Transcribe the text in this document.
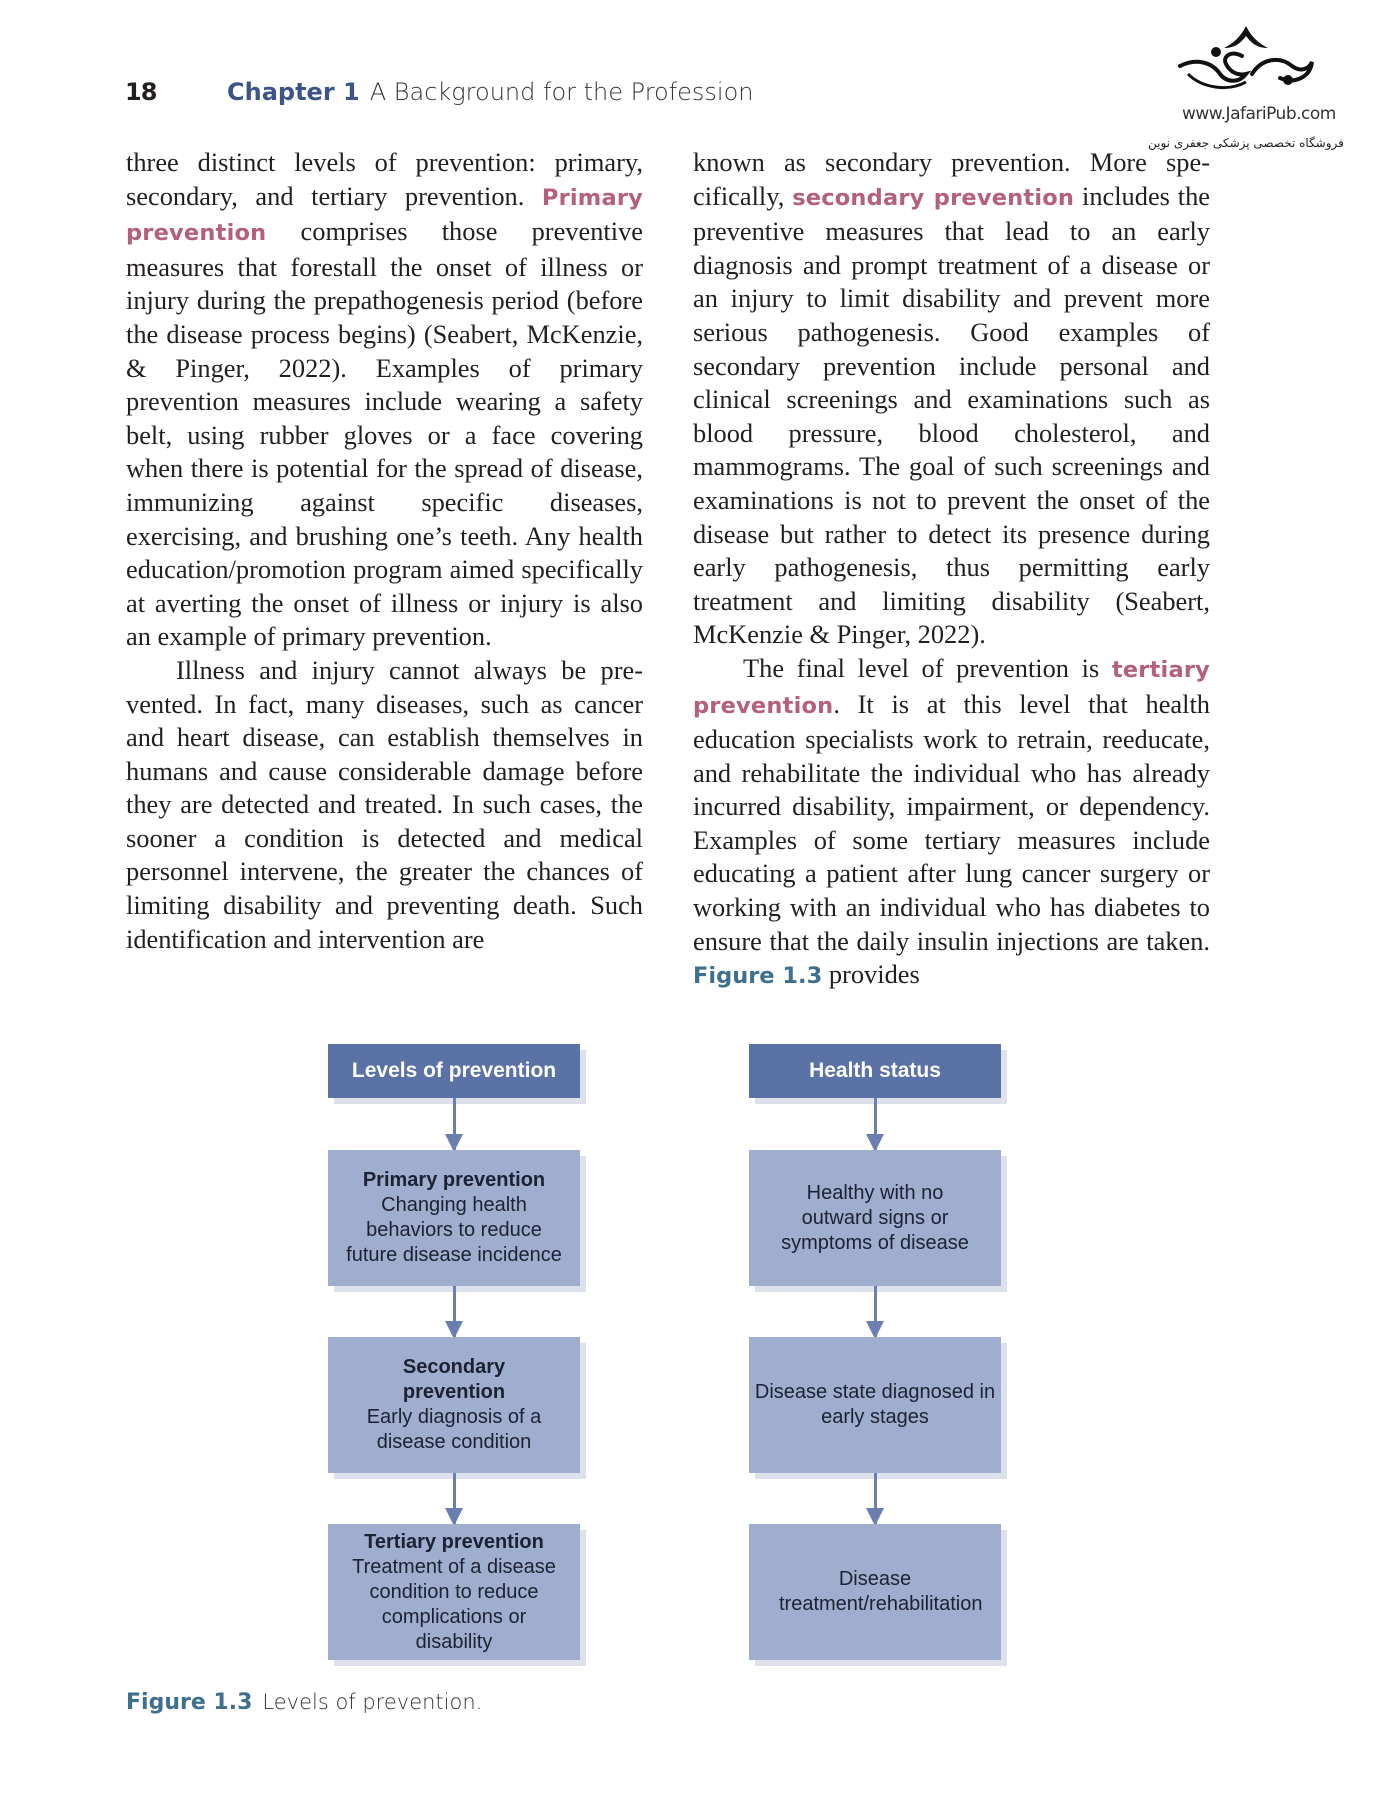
18	Chapter 1 A Background for the Profession
www.JafariPub.com
فروشگاه تخصصی پزشکی جعفری نوین

three distinct levels of prevention: primary, secondary, and tertiary prevention. Primary prevention comprises those preventive measures that forestall the onset of illness or injury during the prepathogenesis period (before the disease process begins) (Seabert, McKenzie, & Pinger, 2022). Examples of primary prevention measures include wearing a safety belt, using rubber gloves or a face covering when there is potential for the spread of disease, immunizing against specific diseases, exercising, and brushing one’s teeth. Any health education/promotion program aimed specifically at averting the onset of illness or injury is also an example of primary prevention.

Illness and injury cannot always be prevented. In fact, many diseases, such as cancer and heart disease, can establish themselves in humans and cause considerable damage before they are detected and treated. In such cases, the sooner a condition is detected and medical personnel intervene, the greater the chances of limiting disability and preventing death. Such identification and intervention are

known as secondary prevention. More specifically, secondary prevention includes the preventive measures that lead to an early diagnosis and prompt treatment of a disease or an injury to limit disability and prevent more serious pathogenesis. Good examples of secondary prevention include personal and clinical screenings and examinations such as blood pressure, blood cholesterol, and mammograms. The goal of such screenings and examinations is not to prevent the onset of the disease but rather to detect its presence during early pathogenesis, thus permitting early treatment and limiting disability (Seabert, McKenzie & Pinger, 2022).

The final level of prevention is tertiary prevention. It is at this level that health education specialists work to retrain, reeducate, and rehabilitate the individual who has already incurred disability, impairment, or dependency. Examples of some tertiary measures include educating a patient after lung cancer surgery or working with an individual who has diabetes to ensure that the daily insulin injections are taken. Figure 1.3 provides

Levels of prevention
Primary prevention
Changing health behaviors to reduce future disease incidence
Secondary prevention
Early diagnosis of a disease condition
Tertiary prevention
Treatment of a disease condition to reduce complications or disability
Health status
Healthy with no outward signs or symptoms of disease
Disease state diagnosed in early stages
Disease treatment/rehabilitation
Figure 1.3 Levels of prevention.
